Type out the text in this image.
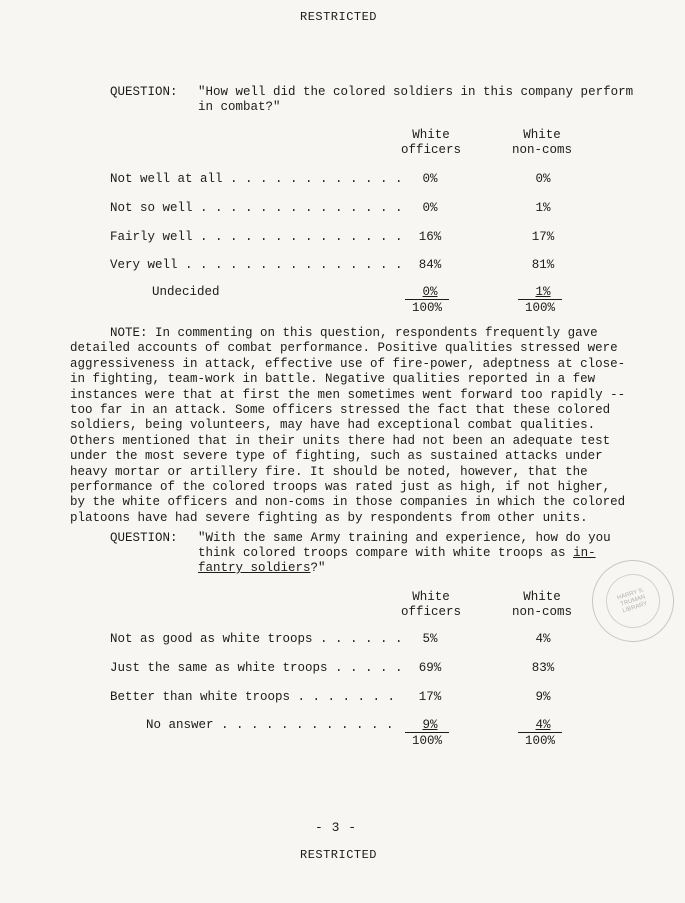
RESTRICTED
QUESTION: "How well did the colored soldiers in this company perform
in combat?"
White
officers
White
non-coms
Not well at all . . . . . . . . . . . .	0%	0%
Not so well . . . . . . . . . . . . . .	0%	1%
Fairly well . . . . . . . . . . . . . .	16%	17%
Very well . . . . . . . . . . . . . . .	84%	81%
Undecided	0%	1%
100%	100%
NOTE: In commenting on this question, respondents frequently gave
detailed accounts of combat performance. Positive qualities stressed were
aggressiveness in attack, effective use of fire-power, adeptness at close-
in fighting, team-work in battle. Negative qualities reported in a few
instances were that at first the men sometimes went forward too rapidly --
too far in an attack. Some officers stressed the fact that these colored
soldiers, being volunteers, may have had exceptional combat qualities.
Others mentioned that in their units there had not been an adequate test
under the most severe type of fighting, such as sustained attacks under
heavy mortar or artillery fire. It should be noted, however, that the
performance of the colored troops was rated just as high, if not higher,
by the white officers and non-coms in those companies in which the colored
platoons have had severe fighting as by respondents from other units.
QUESTION: "With the same Army training and experience, how do you
think colored troops compare with white troops as in-
fantry soldiers?"
White
officers
White
non-coms
Not as good as white troops . . . . . .	5%	4%
Just the same as white troops . . . . .	69%	83%
Better than white troops . . . . . . .	17%	9%
No answer . . . . . . . . . . . .	9%	4%
100%	100%
HARRY S. TRUMAN LIBRARY
- 3 -
RESTRICTED
